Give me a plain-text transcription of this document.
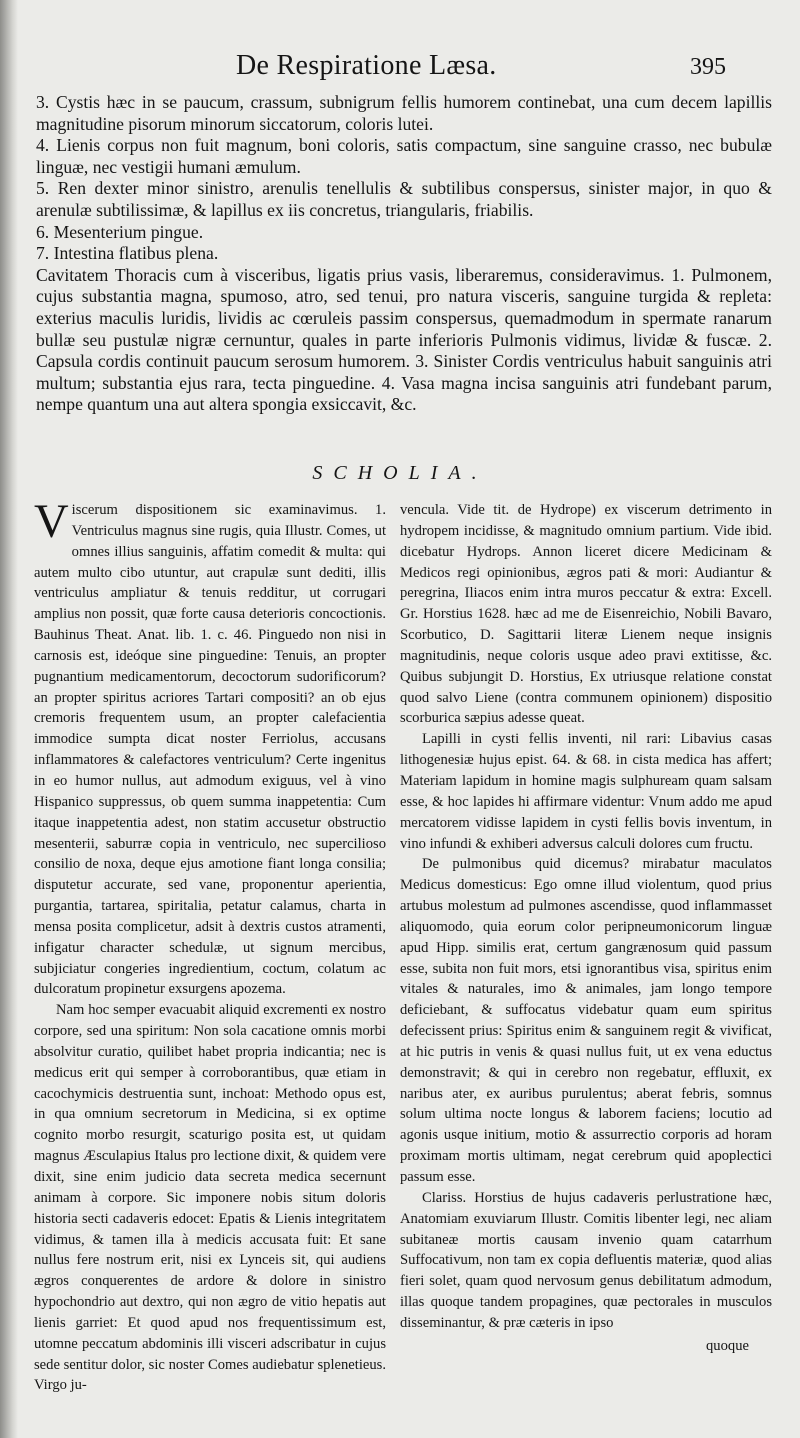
De Respiratione Læsa.	395

3. Cystis hæc in se paucum, crassum, subnigrum fellis humorem continebat, una cum decem lapillis magnitudine pisorum minorum siccatorum, coloris lutei.

4. Lienis corpus non fuit magnum, boni coloris, satis compactum, sine sanguine crasso, nec bubulæ linguæ, nec vestigii humani æmulum.

5. Ren dexter minor sinistro, arenulis tenellulis & subtilibus conspersus, sinister major, in quo & arenulæ subtilissimæ, & lapillus ex iis concretus, triangularis, friabilis.

6. Mesenterium pingue.

7. Intestina flatibus plena.

Cavitatem Thoracis cum à visceribus, ligatis prius vasis, liberaremus, consideravimus. 1. Pulmonem, cujus substantia magna, spumoso, atro, sed tenui, pro natura visceris, sanguine turgida & repleta: exterius maculis luridis, lividis ac cœruleis passim conspersus, quemadmodum in spermate ranarum bullæ seu pustulæ nigræ cernuntur, quales in parte inferioris Pulmonis vidimus, lividæ & fuscæ. 2. Capsula cordis continuit paucum serosum humorem. 3. Sinister Cordis ventriculus habuit sanguinis atri multum; substantia ejus rara, tecta pinguedine. 4. Vasa magna incisa sanguinis atri fundebant parum, nempe quantum una aut altera spongia exsiccavit, &c.

SCHOLIA.

Viscerum dispositionem sic examinavimus. 1. Ventriculus magnus sine rugis, quia Illustr. Comes, ut omnes illius sanguinis, affatim comedit & multa: qui autem multo cibo utuntur, aut crapulæ sunt dediti, illis ventriculus ampliatur & tenuis redditur, ut corrugari amplius non possit, quæ forte causa deterioris concoctionis. Bauhinus Theat. Anat. lib. 1. c. 46. Pinguedo non nisi in carnosis est, ideóque sine pinguedine: Tenuis, an propter pugnantium medicamentorum, decoctorum sudorificorum? an propter spiritus acriores Tartari compositi? an ob ejus cremoris frequentem usum, an propter calefacientia immodice sumpta dicat noster Ferriolus, accusans inflammatores & calefactores ventriculum? Certe ingenitus in eo humor nullus, aut admodum exiguus, vel à vino Hispanico suppressus, ob quem summa inappetentia: Cum itaque inappetentia adest, non statim accusetur obstructio mesenterii, saburræ copia in ventriculo, nec supercilioso consilio de noxa, deque ejus amotione fiant longa consilia; disputetur accurate, sed vane, proponentur aperientia, purgantia, tartarea, spiritalia, petatur calamus, charta in mensa posita complicetur, adsit à dextris custos atramenti, infigatur character schedulæ, ut signum mercibus, subjiciatur congeries ingredientium, coctum, colatum ac dulcoratum propinetur exsurgens apozema.

Nam hoc semper evacuabit aliquid excrementi ex nostro corpore, sed una spiritum: Non sola cacatione omnis morbi absolvitur curatio, quilibet habet propria indicantia; nec is medicus erit qui semper à corroborantibus, quæ etiam in cacochymicis destruentia sunt, inchoat: Methodo opus est, in qua omnium secretorum in Medicina, si ex optime cognito morbo resurgit, scaturigo posita est, ut quidam magnus Æsculapius Italus pro lectione dixit, & quidem vere dixit, sine enim judicio data secreta medica secernunt animam à corpore. Sic imponere nobis situm doloris historia secti cadaveris edocet: Epatis & Lienis integritatem vidimus, & tamen illa à medicis accusata fuit: Et sane nullus fere nostrum erit, nisi ex Lynceis sit, qui audiens ægros conquerentes de ardore & dolore in sinistro hypochondrio aut dextro, qui non ægro de vitio hepatis aut lienis garriet: Et quod apud nos frequentissimum est, utomne peccatum abdominis illi visceri adscribatur in cujus sede sentitur dolor, sic noster Comes audiebatur splenetieus. Virgo ju-

vencula. Vide tit. de Hydrope) ex viscerum detrimento in hydropem incidisse, & magnitudo omnium partium. Vide ibid. dicebatur Hydrops. Annon liceret dicere Medicinam & Medicos regi opinionibus, ægros pati & mori: Audiantur & peregrina, Iliacos enim intra muros peccatur & extra: Excell. Gr. Horstius 1628. hæc ad me de Eisenreichio, Nobili Bavaro, Scorbutico, D. Sagittarii literæ Lienem neque insignis magnitudinis, neque coloris usque adeo pravi extitisse, &c. Quibus subjungit D. Horstius, Ex utriusque relatione constat quod salvo Liene (contra communem opinionem) dispositio scorburica sæpius adesse queat.

Lapilli in cysti fellis inventi, nil rari: Libavius casas lithogenesiæ hujus epist. 64. & 68. in cista medica has affert; Materiam lapidum in homine magis sulphuream quam salsam esse, & hoc lapides hi affirmare videntur: Vnum addo me apud mercatorem vidisse lapidem in cysti fellis bovis inventum, in vino infundi & exhiberi adversus calculi dolores cum fructu.

De pulmonibus quid dicemus? mirabatur maculatos Medicus domesticus: Ego omne illud violentum, quod prius artubus molestum ad pulmones ascendisse, quod inflammasset aliquomodo, quia eorum color peripneumonicorum linguæ apud Hipp. similis erat, certum gangrænosum quid passum esse, subita non fuit mors, etsi ignorantibus visa, spiritus enim vitales & naturales, imo & animales, jam longo tempore deficiebant, & suffocatus videbatur quam eum spiritus defecissent prius: Spiritus enim & sanguinem regit & vivificat, at hic putris in venis & quasi nullus fuit, ut ex vena eductus demonstravit; & qui in cerebro non regebatur, effluxit, ex naribus ater, ex auribus purulentus; aberat febris, somnus solum ultima nocte longus & laborem faciens; locutio ad agonis usque initium, motio & assurrectio corporis ad horam proximam mortis ultimam, negat cerebrum quid apoplectici passum esse.

Clariss. Horstius de hujus cadaveris perlustratione hæc, Anatomiam exuviarum Illustr. Comitis libenter legi, nec aliam subitaneæ mortis causam invenio quam catarrhum Suffocativum, non tam ex copia defluentis materiæ, quod alias fieri solet, quam quod nervosum genus debilitatum admodum, illas quoque tandem propagines, quæ pectorales in musculos disseminantur, & præ cæteris in ipso

quoque
